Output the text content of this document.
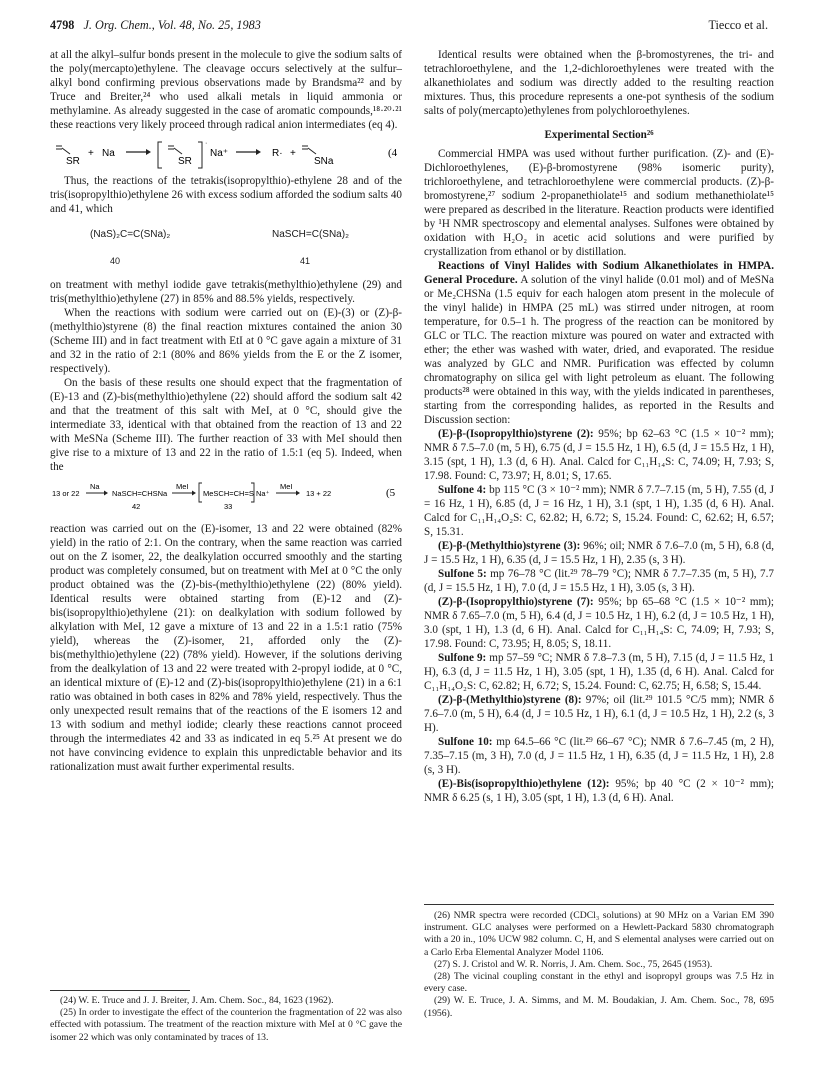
4798 J. Org. Chem., Vol. 48, No. 25, 1983	Tiecco et al.

at all the alkyl–sulfur bonds present in the molecule to give the sodium salts of the poly(mercapto)ethylene. The cleavage occurs selectively at the sulfur–alkyl bond confirming previous observations made by Brandsma²² and by Truce and Breiter,²⁴ who used alkali metals in liquid ammonia or methylamine. As already suggested in the case of aromatic compounds,¹⁸·²⁰·²¹ these reactions very likely proceed through radical anion intermediates (eq 4).

SR
+ Na
SR
·
Na⁺	R· +
SNa
(4

Thus, the reactions of the tetrakis(isopropylthio)-ethylene 28 and of the tris(isopropylthio)ethylene 26 with excess sodium afforded the sodium salts 40 and 41, which

(NaS)₂C=C(SNa)₂
40
NaSCH=C(SNa)₂
41

on treatment with methyl iodide gave tetrakis(methylthio)ethylene (29) and tris(methylthio)ethylene (27) in 85% and 88.5% yields, respectively.

When the reactions with sodium were carried out on (E)-(3) or (Z)-β-(methylthio)styrene (8) the final reaction mixtures contained the anion 30 (Scheme III) and in fact treatment with EtI at 0 °C gave again a mixture of 31 and 32 in the ratio of 2:1 (80% and 86% yields from the E or the Z isomer, respectively).

On the basis of these results one should expect that the fragmentation of (E)-13 and (Z)-bis(methylthio)ethylene (22) should afford the sodium salt 42 and that the treatment of this salt with MeI, at 0 °C, should give the intermediate 33, identical with that obtained from the reaction of 13 and 22 with MeSNa (Scheme III). The further reaction of 33 with MeI should then give rise to a mixture of 13 and 22 in the ratio of 1.5:1 (eq 5). Indeed, when the

13 or 22
Na
NaSCH=CHSNa
42
MeI
MeSCH=CH=S Na⁺
33
MeI
13 + 22	(5

reaction was carried out on the (E)-isomer, 13 and 22 were obtained (82% yield) in the ratio of 2:1. On the contrary, when the same reaction was carried out on the Z isomer, 22, the dealkylation occurred smoothly and the starting product was completely consumed, but on treatment with MeI at 0 °C the only product obtained was the (Z)-bis-(methylthio)ethylene (22) (80% yield). Identical results were obtained starting from (E)-12 and (Z)-bis(isopropylthio)ethylene (21): on dealkylation with sodium followed by alkylation with MeI, 12 gave a mixture of 13 and 22 in a 1.5:1 ratio (75% yield), whereas the (Z)-isomer, 21, afforded only the (Z)-bis(methylthio)ethylene (22) (78% yield). However, if the solutions deriving from the dealkylation of 13 and 22 were treated with 2-propyl iodide, at 0 °C, an identical mixture of (E)-12 and (Z)-bis(isopropylthio)ethylene (21) in a 6:1 ratio was obtained in both cases in 82% and 78% yield, respectively. Thus the only unexpected result remains that of the reactions of the E isomers 12 and 13 with sodium and methyl iodide; clearly these reactions cannot proceed through the intermediates 42 and 33 as indicated in eq 5.²⁵ At present we do not have convincing evidence to explain this unpredictable behavior and its rationalization must await further experimental results.

(24) W. E. Truce and J. J. Breiter, J. Am. Chem. Soc., 84, 1623 (1962).

(25) In order to investigate the effect of the counterion the fragmentation of 22 was also effected with potassium. The treatment of the reaction mixture with MeI at 0 °C gave the isomer 22 which was only contaminated by traces of 13.

Identical results were obtained when the β-bromostyrenes, the tri- and tetrachloroethylene, and the 1,2-dichloroethylenes were treated with the alkanethiolates and sodium was directly added to the resulting reaction mixtures. Thus, this procedure represents a one-pot synthesis of the sodium salts of poly(mercapto)ethylenes from polychloroethylenes.

Experimental Section²⁶

Commercial HMPA was used without further purification. (Z)- and (E)-Dichloroethylenes, (E)-β-bromostyrene (98% isomeric purity), trichloroethylene, and tetrachloroethylene were commercial products. (Z)-β-bromostyrene,²⁷ sodium 2-propanethiolate¹⁵ and sodium methanethiolate¹⁵ were prepared as described in the literature. Reaction products were identified by ¹H NMR spectroscopy and elemental analyses. Sulfones were obtained by oxidation with H₂O₂ in acetic acid solutions and were purified by crystallization from ethanol or by distillation.

Reactions of Vinyl Halides with Sodium Alkanethiolates in HMPA. General Procedure. A solution of the vinyl halide (0.01 mol) and of MeSNa or Me₂CHSNa (1.5 equiv for each halogen atom present in the molecule of the vinyl halide) in HMPA (25 mL) was stirred under nitrogen, at room temperature, for 0.5–1 h. The progress of the reaction can be monitored by GLC or TLC. The reaction mixture was poured on water and extracted with ether; the ether was washed with water, dried, and evaporated. The residue was analyzed by GLC and NMR. Purification was effected by column chromatography on silica gel with light petroleum as eluant. The following products²⁸ were obtained in this way, with the yields indicated in parentheses, starting from the corresponding halides, as reported in the Results and Discussion section:

(E)-β-(Isopropylthio)styrene (2): 95%; bp 62–63 °C (1.5 × 10⁻² mm); NMR δ 7.5–7.0 (m, 5 H), 6.75 (d, J = 15.5 Hz, 1 H), 6.5 (d, J = 15.5 Hz, 1 H), 3.15 (spt, 1 H), 1.3 (d, 6 H). Anal. Calcd for C₁₁H₁₄S: C, 74.09; H, 7.93; S, 17.98. Found: C, 73.97; H, 8.01; S, 17.65.

Sulfone 4: bp 115 °C (3 × 10⁻² mm); NMR δ 7.7–7.15 (m, 5 H), 7.55 (d, J = 16 Hz, 1 H), 6.85 (d, J = 16 Hz, 1 H), 3.1 (spt, 1 H), 1.35 (d, 6 H). Anal. Calcd for C₁₁H₁₄O₂S: C, 62.82; H, 6.72; S, 15.24. Found: C, 62.62; H, 6.57; S, 15.31.

(E)-β-(Methylthio)styrene (3): 96%; oil; NMR δ 7.6–7.0 (m, 5 H), 6.8 (d, J = 15.5 Hz, 1 H), 6.35 (d, J = 15.5 Hz, 1 H), 2.35 (s, 3 H).

Sulfone 5: mp 76–78 °C (lit.²⁹ 78–79 °C); NMR δ 7.7–7.35 (m, 5 H), 7.7 (d, J = 15.5 Hz, 1 H), 7.0 (d, J = 15.5 Hz, 1 H), 3.05 (s, 3 H).

(Z)-β-(Isopropylthio)styrene (7): 95%; bp 65–68 °C (1.5 × 10⁻² mm); NMR δ 7.65–7.0 (m, 5 H), 6.4 (d, J = 10.5 Hz, 1 H), 6.2 (d, J = 10.5 Hz, 1 H), 3.0 (spt, 1 H), 1.3 (d, 6 H). Anal. Calcd for C₁₁H₁₄S: C, 74.09; H, 7.93; S, 17.98. Found: C, 73.95; H, 8.05; S, 18.11.

Sulfone 9: mp 57–59 °C; NMR δ 7.8–7.3 (m, 5 H), 7.15 (d, J = 11.5 Hz, 1 H), 6.3 (d, J = 11.5 Hz, 1 H), 3.05 (spt, 1 H), 1.35 (d, 6 H). Anal. Calcd for C₁₁H₁₄O₂S: C, 62.82; H, 6.72; S, 15.24. Found: C, 62.75; H, 6.58; S, 15.44.

(Z)-β-(Methylthio)styrene (8): 97%; oil (lit.²⁹ 101.5 °C/5 mm); NMR δ 7.6–7.0 (m, 5 H), 6.4 (d, J = 10.5 Hz, 1 H), 6.1 (d, J = 10.5 Hz, 1 H), 2.2 (s, 3 H).

Sulfone 10: mp 64.5–66 °C (lit.²⁹ 66–67 °C); NMR δ 7.6–7.45 (m, 2 H), 7.35–7.15 (m, 3 H), 7.0 (d, J = 11.5 Hz, 1 H), 6.35 (d, J = 11.5 Hz, 1 H), 2.8 (s, 3 H).

(E)-Bis(isopropylthio)ethylene (12): 95%; bp 40 °C (2 × 10⁻² mm); NMR δ 6.25 (s, 1 H), 3.05 (spt, 1 H), 1.3 (d, 6 H). Anal.

(26) NMR spectra were recorded (CDCl₃ solutions) at 90 MHz on a Varian EM 390 instrument. GLC analyses were performed on a Hewlett-Packard 5830 chromatograph with a 20 in., 10% UCW 982 column. C, H, and S elemental analyses were carried out on a Carlo Erba Elemental Analyzer Model 1106.

(27) S. J. Cristol and W. R. Norris, J. Am. Chem. Soc., 75, 2645 (1953).

(28) The vicinal coupling constant in the ethyl and isopropyl groups was 7.5 Hz in every case.

(29) W. E. Truce, J. A. Simms, and M. M. Boudakian, J. Am. Chem. Soc., 78, 695 (1956).
